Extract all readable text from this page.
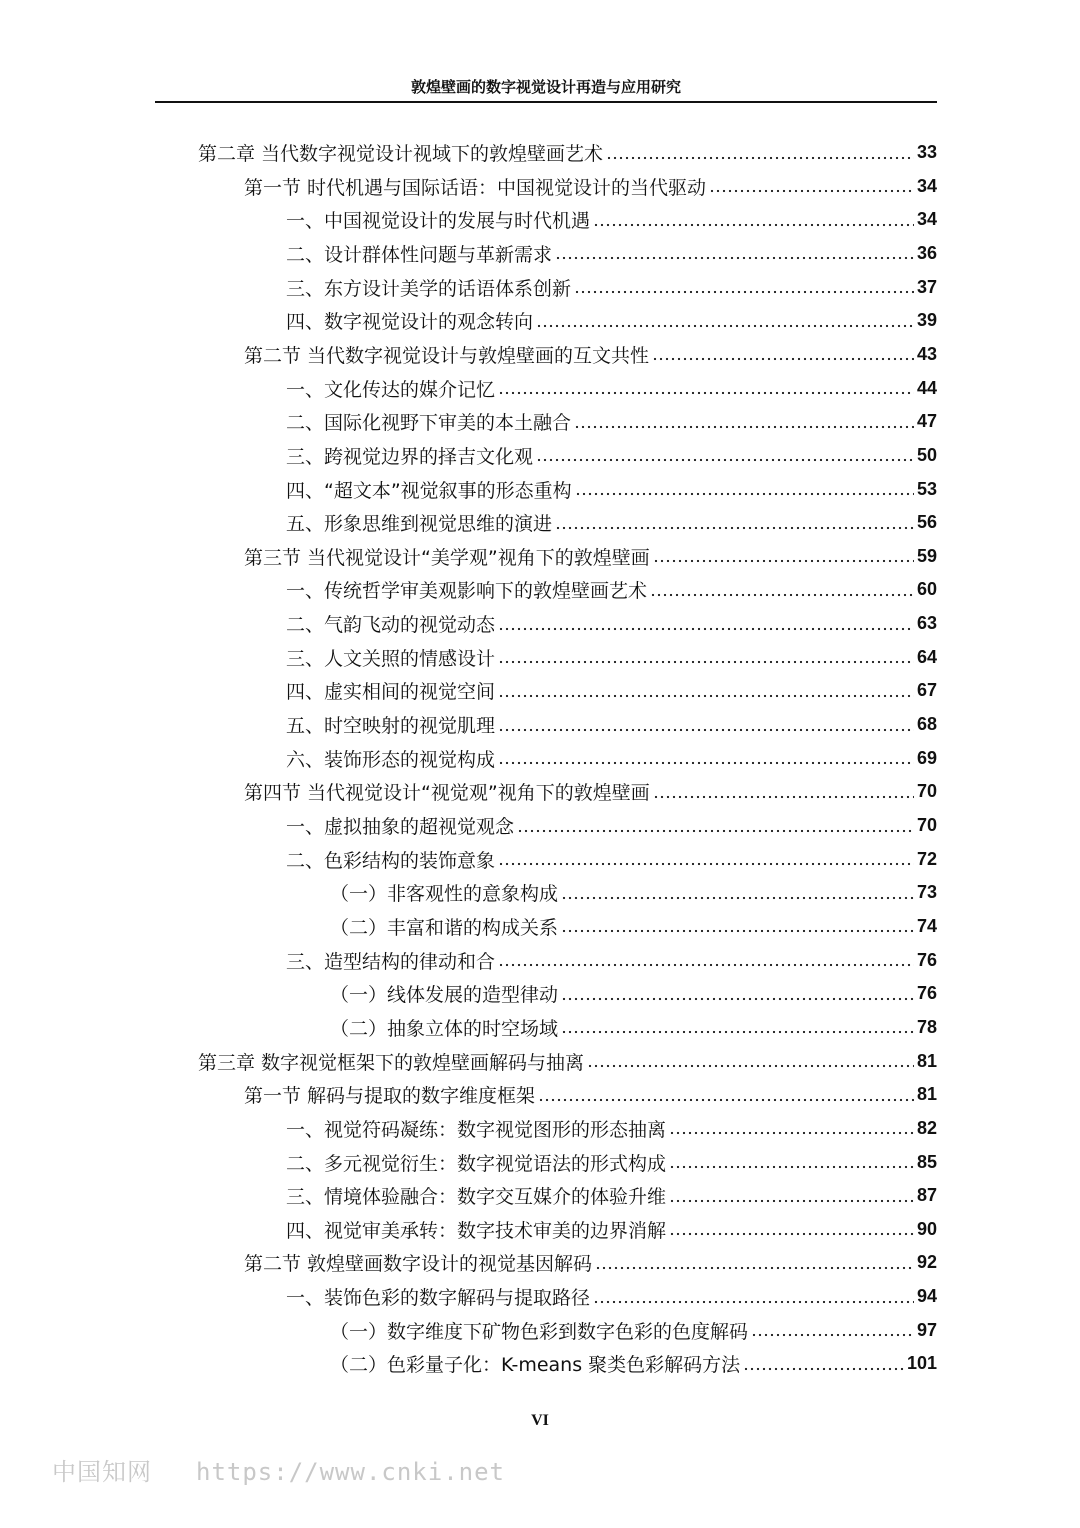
敦煌壁画的数字视觉设计再造与应用研究
第二章 当代数字视觉设计视域下的敦煌壁画艺术	33
第一节 时代机遇与国际话语：中国视觉设计的当代驱动	34
一、中国视觉设计的发展与时代机遇	34
二、设计群体性问题与革新需求	36
三、东方设计美学的话语体系创新	37
四、数字视觉设计的观念转向	39
第二节 当代数字视觉设计与敦煌壁画的互文共性	43
一、文化传达的媒介记忆	44
二、国际化视野下审美的本土融合	47
三、跨视觉边界的择吉文化观	50
四、“超文本”视觉叙事的形态重构	53
五、形象思维到视觉思维的演进	56
第三节 当代视觉设计“美学观”视角下的敦煌壁画	59
一、传统哲学审美观影响下的敦煌壁画艺术	60
二、气韵飞动的视觉动态	63
三、人文关照的情感设计	64
四、虚实相间的视觉空间	67
五、时空映射的视觉肌理	68
六、装饰形态的视觉构成	69
第四节 当代视觉设计“视觉观”视角下的敦煌壁画	70
一、虚拟抽象的超视觉观念	70
二、色彩结构的装饰意象	72
（一）非客观性的意象构成	73
（二）丰富和谐的构成关系	74
三、造型结构的律动和合	76
（一）线体发展的造型律动	76
（二）抽象立体的时空场域	78
第三章 数字视觉框架下的敦煌壁画解码与抽离	81
第一节 解码与提取的数字维度框架	81
一、视觉符码凝练：数字视觉图形的形态抽离	82
二、多元视觉衍生：数字视觉语法的形式构成	85
三、情境体验融合：数字交互媒介的体验升维	87
四、视觉审美承转：数字技术审美的边界消解	90
第二节 敦煌壁画数字设计的视觉基因解码	92
一、装饰色彩的数字解码与提取路径	94
（一）数字维度下矿物色彩到数字色彩的色度解码	97
（二）色彩量子化：K-means 聚类色彩解码方法	101
VI
中国知网 https://www.cnki.net
